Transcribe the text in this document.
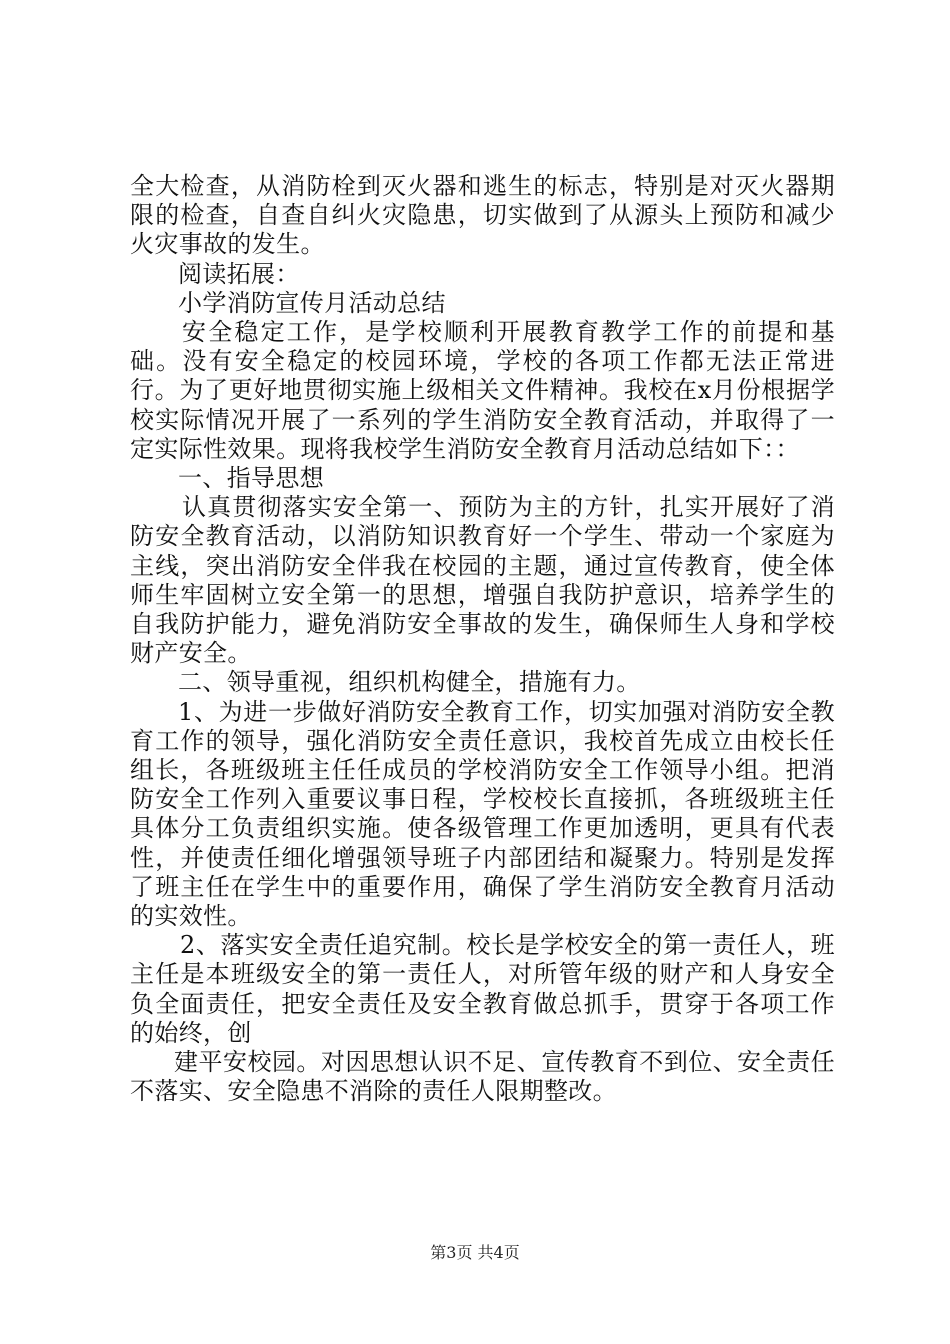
全大检查，从消防栓到灭火器和逃生的标志，特别是对灭火器期限的检查，自查自纠火灾隐患，切实做到了从源头上预防和减少火灾事故的发生。

阅读拓展：

小学消防宣传月活动总结

安全稳定工作，是学校顺利开展教育教学工作的前提和基础。没有安全稳定的校园环境，学校的各项工作都无法正常进行。为了更好地贯彻实施上级相关文件精神。我校在x月份根据学校实际情况开展了一系列的学生消防安全教育活动，并取得了一定实际性效果。现将我校学生消防安全教育月活动总结如下：：

一、指导思想

认真贯彻落实安全第一、预防为主的方针，扎实开展好了消防安全教育活动，以消防知识教育好一个学生、带动一个家庭为主线，突出消防安全伴我在校园的主题，通过宣传教育，使全体师生牢固树立安全第一的思想，增强自我防护意识，培养学生的自我防护能力，避免消防安全事故的发生，确保师生人身和学校财产安全。

二、领导重视，组织机构健全，措施有力。

1、为进一步做好消防安全教育工作，切实加强对消防安全教育工作的领导，强化消防安全责任意识，我校首先成立由校长任组长，各班级班主任任成员的学校消防安全工作领导小组。把消防安全工作列入重要议事日程，学校校长直接抓，各班级班主任具体分工负责组织实施。使各级管理工作更加透明，更具有代表性，并使责任细化增强领导班子内部团结和凝聚力。特别是发挥了班主任在学生中的重要作用，确保了学生消防安全教育月活动的实效性。

2、落实安全责任追究制。校长是学校安全的第一责任人，班主任是本班级安全的第一责任人，对所管年级的财产和人身安全负全面责任，把安全责任及安全教育做总抓手，贯穿于各项工作的始终，创

建平安校园。对因思想认识不足、宣传教育不到位、安全责任不落实、安全隐患不消除的责任人限期整改。

第3页 共4页
